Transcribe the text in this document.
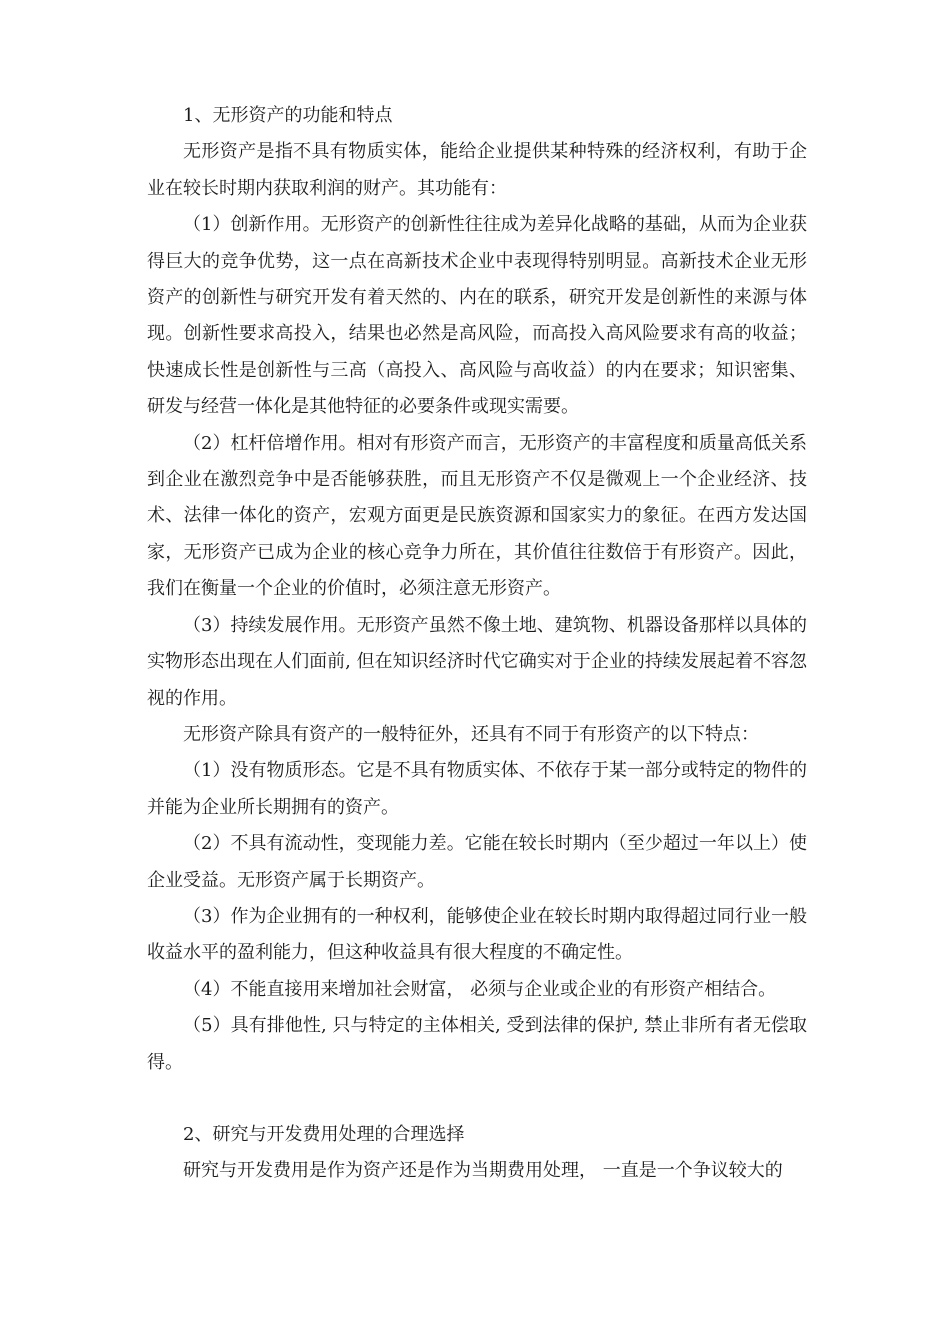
1、无形资产的功能和特点

无形资产是指不具有物质实体，能给企业提供某种特殊的经济权利，有助于企业在较长时期内获取利润的财产。其功能有：

（1）创新作用。无形资产的创新性往往成为差异化战略的基础，从而为企业获得巨大的竞争优势，这一点在高新技术企业中表现得特别明显。高新技术企业无形资产的创新性与研究开发有着天然的、内在的联系，研究开发是创新性的来源与体现。创新性要求高投入，结果也必然是高风险，而高投入高风险要求有高的收益；快速成长性是创新性与三高（高投入、高风险与高收益）的内在要求；知识密集、研发与经营一体化是其他特征的必要条件或现实需要。

（2）杠杆倍增作用。相对有形资产而言，无形资产的丰富程度和质量高低关系到企业在激烈竞争中是否能够获胜，而且无形资产不仅是微观上一个企业经济、技术、法律一体化的资产，宏观方面更是民族资源和国家实力的象征。在西方发达国家，无形资产已成为企业的核心竞争力所在，其价值往往数倍于有形资产。因此，我们在衡量一个企业的价值时，必须注意无形资产。

（3）持续发展作用。无形资产虽然不像土地、建筑物、机器设备那样以具体的实物形态出现在人们面前, 但在知识经济时代它确实对于企业的持续发展起着不容忽视的作用。

无形资产除具有资产的一般特征外，还具有不同于有形资产的以下特点：

（1）没有物质形态。它是不具有物质实体、不依存于某一部分或特定的物件的并能为企业所长期拥有的资产。

（2）不具有流动性，变现能力差。它能在较长时期内（至少超过一年以上）使企业受益。无形资产属于长期资产。

（3）作为企业拥有的一种权利，能够使企业在较长时期内取得超过同行业一般收益水平的盈利能力，但这种收益具有很大程度的不确定性。

（4）不能直接用来增加社会财富， 必须与企业或企业的有形资产相结合。

（5）具有排他性, 只与特定的主体相关, 受到法律的保护, 禁止非所有者无偿取得。

2、研究与开发费用处理的合理选择

研究与开发费用是作为资产还是作为当期费用处理， 一直是一个争议较大的
